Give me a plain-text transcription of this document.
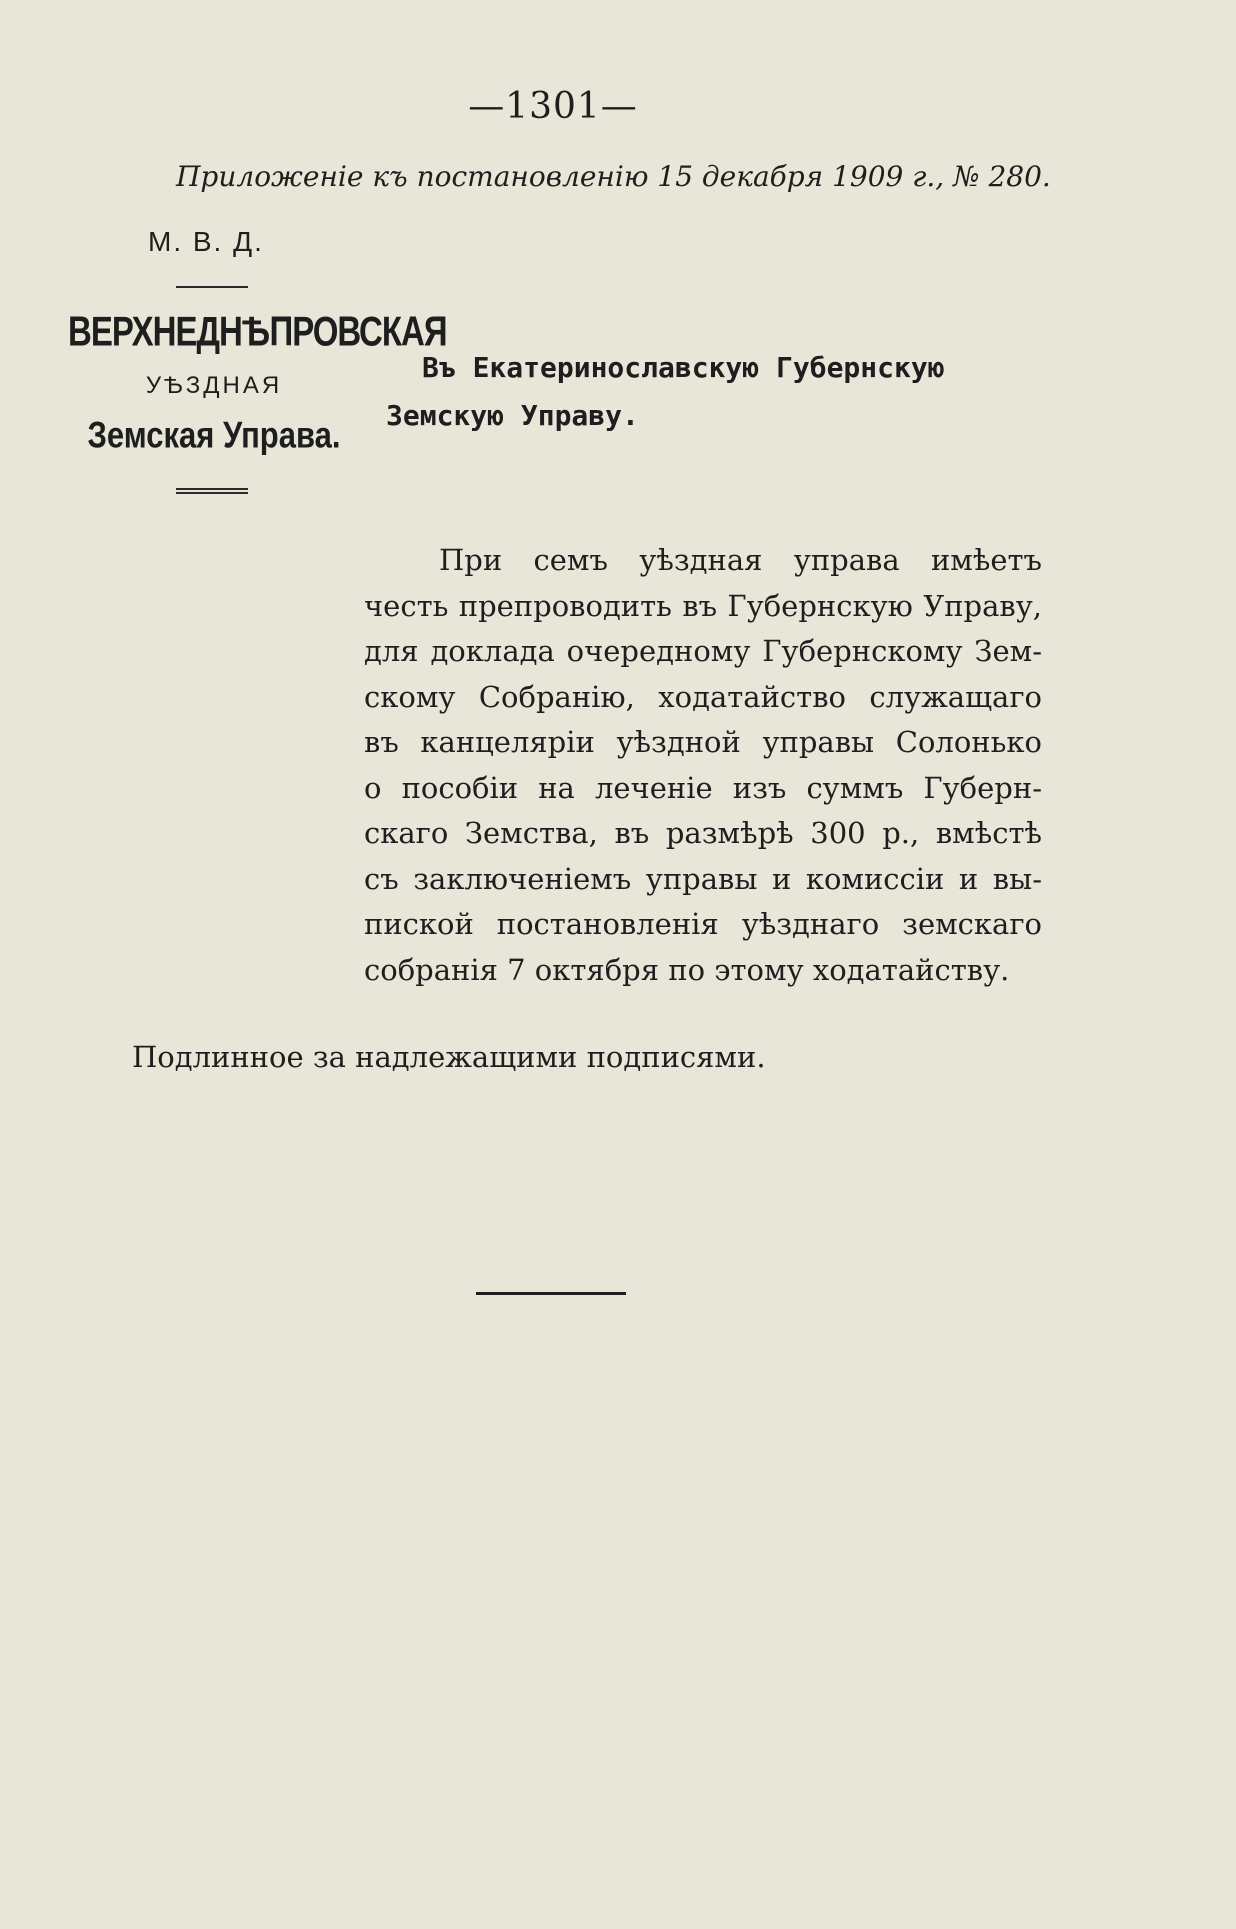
—1301—
Приложенiе къ постановленiю 15 декабря 1909 г., № 280.
М. В. Д.
ВЕРХНЕДНѢПРОВСКАЯ
УѢЗДНАЯ
Земская Управа.
Въ Екатеринославскую Губернскую
Земскую Управу.
При семъ уѣздная управа имѣетъ
честь препроводить въ Губернскую Управу,
для доклада очередному Губернскому Зем-
скому Собранiю, ходатайство служащаго
въ канцелярiи уѣздной управы Солонько
о пособiи на леченiе изъ суммъ Губерн-
скаго Земства, въ размѣрѣ 300 р., вмѣстѣ
съ заключенiемъ управы и комиссiи и вы-
пиской постановленiя уѣзднаго земскаго
собранiя 7 октября по этому ходатайству.
Подлинное за надлежащими подписями.
